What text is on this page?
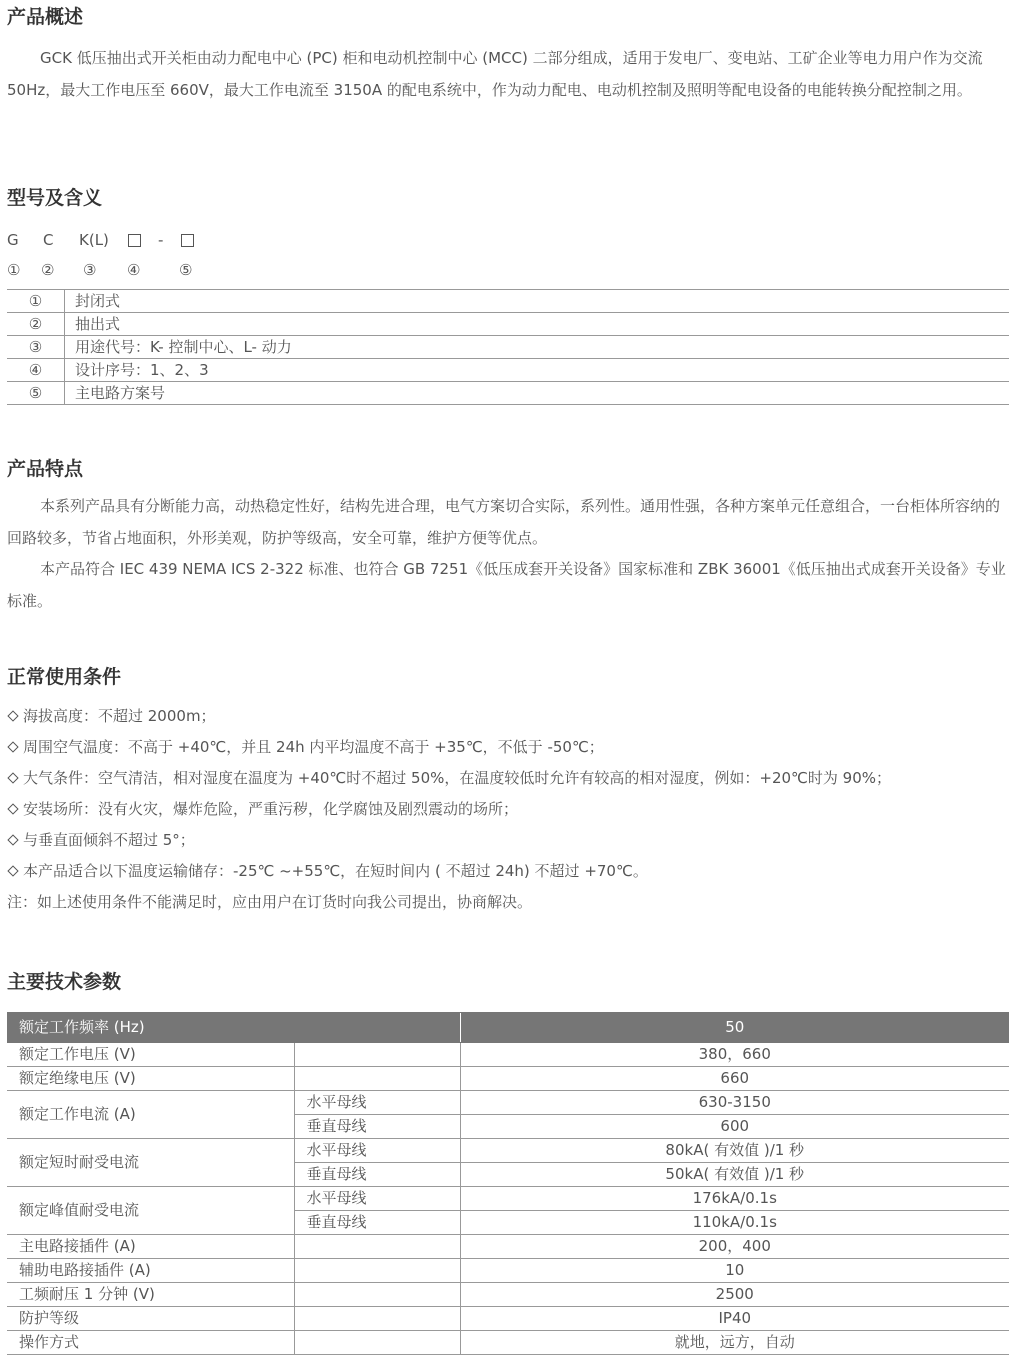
产品概述

GCK 低压抽出式开关柜由动力配电中心 (PC) 柜和电动机控制中心 (MCC) 二部分组成，适用于发电厂、变电站、工矿企业等电力用户作为交流 50Hz，最大工作电压至 660V，最大工作电流至 3150A 的配电系统中，作为动力配电、电动机控制及照明等配电设备的电能转换分配控制之用。

型号及含义
G C K(L)	-
① ② ③ ④	⑤
①	封闭式
②	抽出式
③	用途代号：K- 控制中心、L- 动力
④	设计序号：1、2、3
⑤	主电路方案号
产品特点

本系列产品具有分断能力高，动热稳定性好，结构先进合理，电气方案切合实际，系列性。通用性强，各种方案单元任意组合，一台柜体所容纳的回路较多，节省占地面积，外形美观，防护等级高，安全可靠，维护方便等优点。

本产品符合 IEC 439 NEMA ICS 2-322 标准、也符合 GB 7251《低压成套开关设备》国家标准和 ZBK 36001《低压抽出式成套开关设备》专业标准。

正常使用条件
海拔高度：不超过 2000m；
周围空气温度：不高于 +40℃，并且 24h 内平均温度不高于 +35℃，不低于 -50℃；
大气条件：空气清洁，相对湿度在温度为 +40℃时不超过 50%，在温度较低时允许有较高的相对湿度，例如：+20℃时为 90%；
安装场所：没有火灾，爆炸危险，严重污秽，化学腐蚀及剧烈震动的场所；
与垂直面倾斜不超过 5°；
本产品适合以下温度运输储存：-25℃ ~+55℃，在短时间内 ( 不超过 24h) 不超过 +70℃。
注：如上述使用条件不能满足时，应由用户在订货时向我公司提出，协商解决。
主要技术参数
额定工作频率 (Hz)		50
额定工作电压 (V)		380，660
额定绝缘电压 (V)		660
额定工作电流 (A)	水平母线	630-3150
	垂直母线	600
额定短时耐受电流	水平母线	80kA( 有效值 )/1 秒
	垂直母线	50kA( 有效值 )/1 秒
额定峰值耐受电流	水平母线	176kA/0.1s
	垂直母线	110kA/0.1s
主电路接插件 (A)		200，400
辅助电路接插件 (A)		10
工频耐压 1 分钟 (V)		2500
防护等级		IP40
操作方式		就地，远方，自动
